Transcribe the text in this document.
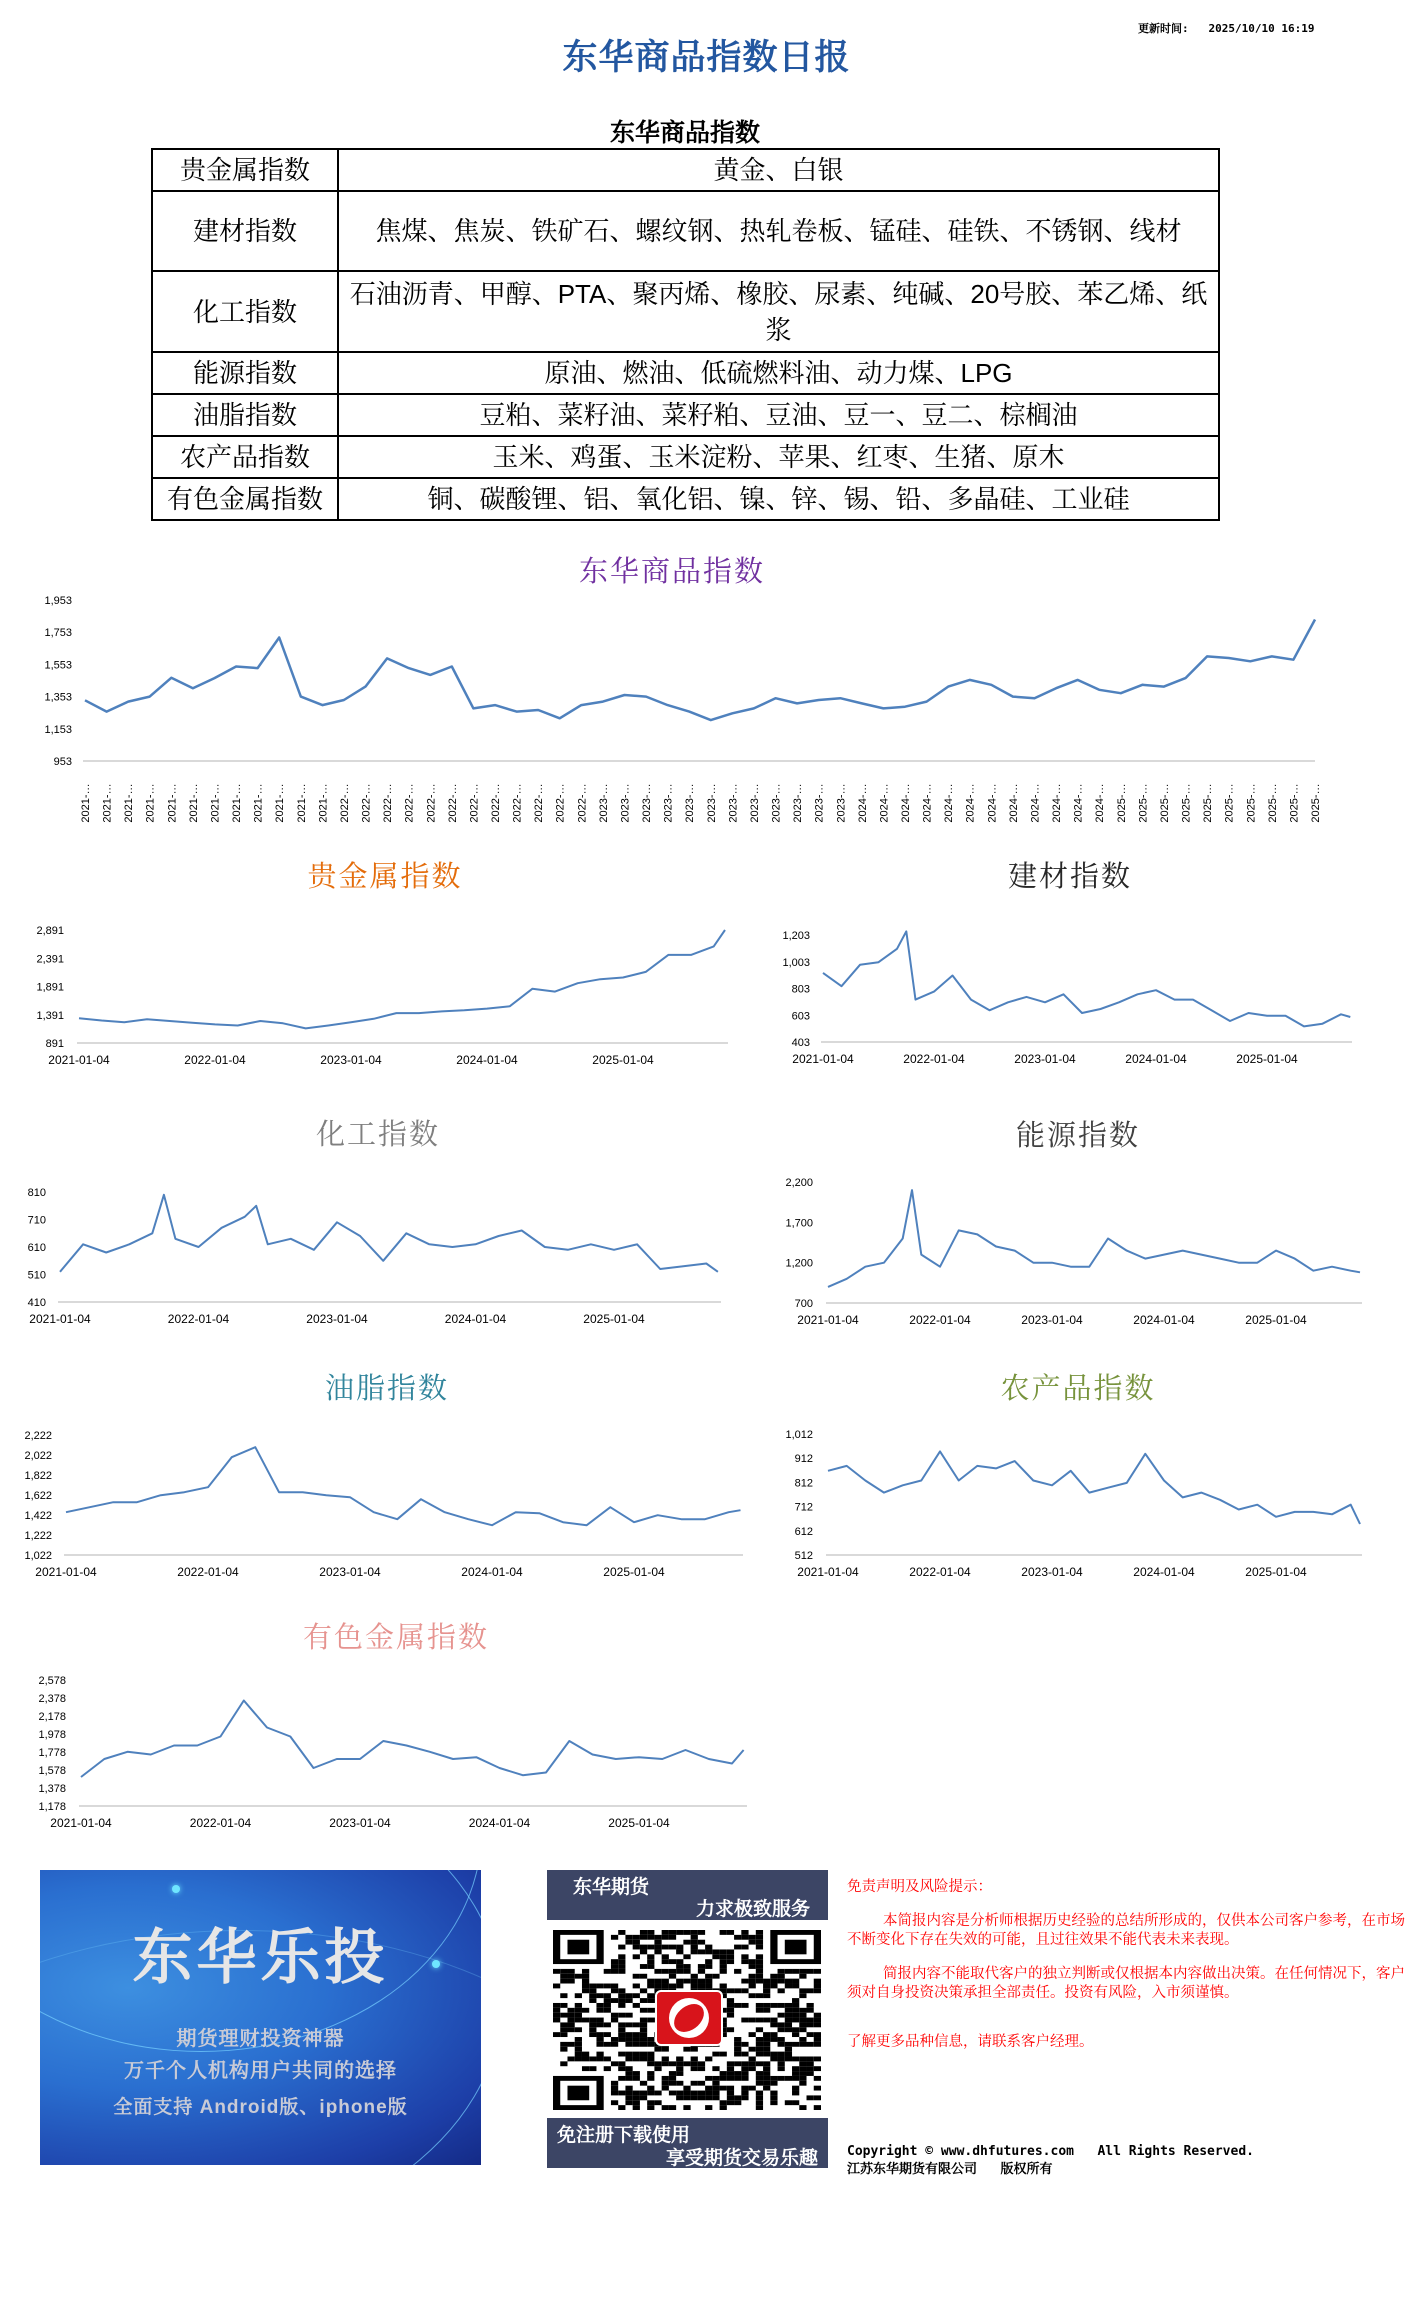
更新时间: 2025/10/10 16:19
东华商品指数日报
东华商品指数
贵金属指数	黄金、白银
建材指数	焦煤、焦炭、铁矿石、螺纹钢、热轧卷板、锰硅、硅铁、不锈钢、线材
化工指数	石油沥青、甲醇、PTA、聚丙烯、橡胶、尿素、纯碱、20号胶、苯乙烯、纸浆
能源指数	原油、燃油、低硫燃料油、动力煤、LPG
油脂指数	豆粕、菜籽油、菜籽粕、豆油、豆一、豆二、棕榈油
农产品指数	玉米、鸡蛋、玉米淀粉、苹果、红枣、生猪、原木
有色金属指数	铜、碳酸锂、铝、氧化铝、镍、锌、锡、铅、多晶硅、工业硅
东华商品指数
953
1,153
1,353
1,553
1,753
1,953
2021-… 2021-… 2021-… 2021-… 2021-… 2021-… 2021-… 2021-… 2021-… 2021-… 2021-… 2021-… 2022-… 2022-… 2022-… 2022-… 2022-… 2022-… 2022-… 2022-… 2022-… 2022-… 2022-… 2022-… 2023-… 2023-… 2023-… 2023-… 2023-… 2023-… 2023-… 2023-… 2023-… 2023-… 2023-… 2023-… 2024-… 2024-… 2024-… 2024-… 2024-… 2024-… 2024-… 2024-… 2024-… 2024-… 2024-… 2024-… 2025-… 2025-… 2025-… 2025-… 2025-… 2025-… 2025-… 2025-… 2025-… 2025-…
贵金属指数
891
1,391
1,891
2,391
2,891
2021-01-04	2022-01-04	2023-01-04	2024-01-04	2025-01-04
建材指数
403
603
803
1,003
1,203
2021-01-04	2022-01-04	2023-01-04	2024-01-04	2025-01-04
化工指数
410
510
610
710
810
2021-01-04	2022-01-04	2023-01-04	2024-01-04	2025-01-04
能源指数
700
1,200
1,700
2,200
2021-01-04	2022-01-04	2023-01-04	2024-01-04	2025-01-04
油脂指数
1,022
1,222
1,422
1,622
1,822
2,022
2,222
2021-01-04	2022-01-04	2023-01-04	2024-01-04	2025-01-04
农产品指数
512
612
712
812
912
1,012
2021-01-04	2022-01-04	2023-01-04	2024-01-04	2025-01-04
有色金属指数
1,178
1,378
1,578
1,778
1,978
2,178
2,378
2,578
2021-01-04	2022-01-04	2023-01-04	2024-01-04	2025-01-04
东华乐投
期货理财投资神器
万千个人机构用户共同的选择
全面支持 Android版、iphone版
东华期货
力求极致服务
免注册下载使用
享受期货交易乐趣

免责声明及风险提示：

本简报内容是分析师根据历史经验的总结所形成的，仅供本公司客户参考，在市场不断变化下存在失效的可能，且过往效果不能代表未来表现。

简报内容不能取代客户的独立判断或仅根据本内容做出决策。在任何情况下，客户须对自身投资决策承担全部责任。投资有风险，入市须谨慎。

了解更多品种信息，请联系客户经理。

Copyright © www.dhfutures.com   All Rights Reserved.
江苏东华期货有限公司   版权所有
